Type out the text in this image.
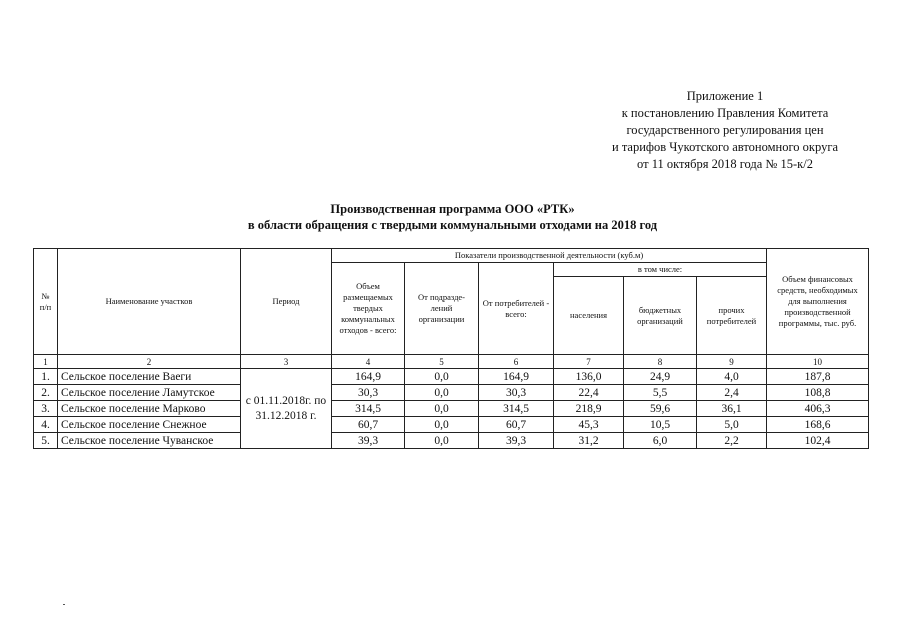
Приложение 1
к постановлению Правления Комитета
государственного регулирования цен
и тарифов Чукотского автономного округа
от 11 октября 2018 года № 15-к/2
Производственная программа ООО «РТК»
в области обращения с твердыми коммунальными отходами на 2018 год
№ п/п	Наименование участков	Период	Показатели производственной деятельности (куб.м)						Объем финансовых средств, необходимых для выполнения производственной программы, тыс. руб.
			Объем размещаемых твердых коммунальных отходов - всего:	От подразде-лений организации	От потребителей - всего:	в том числе:			
						населения	бюджетных организаций	прочих потребителей	

1	2	3	4	5	6	7	8	9	10
1.	Сельское поселение Ваеги	с 01.11.2018г. по 31.12.2018 г.	164,9	0,0	164,9	136,0	24,9	4,0	187,8
2.	Сельское поселение Ламутское		30,3	0,0	30,3	22,4	5,5	2,4	108,8
3.	Сельское поселение Марково		314,5	0,0	314,5	218,9	59,6	36,1	406,3
4.	Сельское поселение Снежное		60,7	0,0	60,7	45,3	10,5	5,0	168,6
5.	Сельское поселение Чуванское		39,3	0,0	39,3	31,2	6,0	2,2	102,4
